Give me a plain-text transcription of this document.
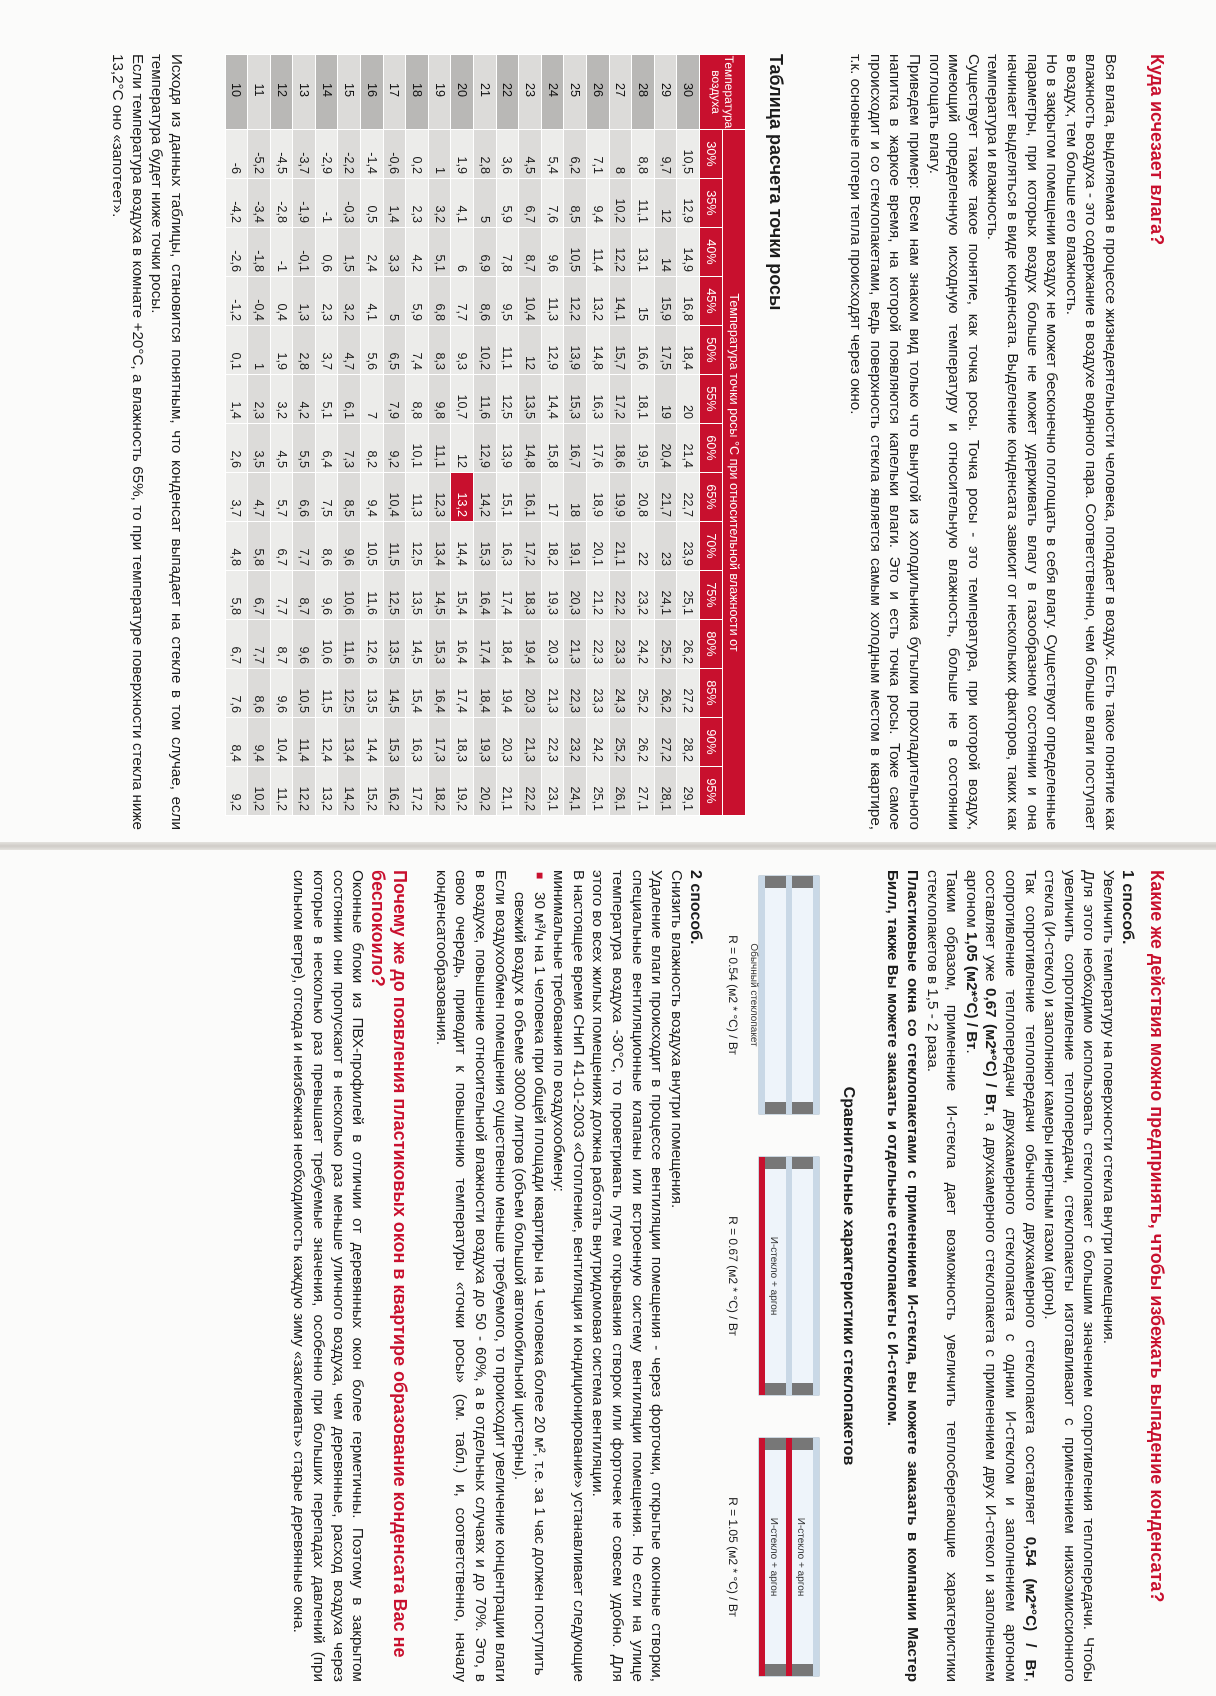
Куда исчезает влага?

Вся влага, выделяемая в процессе жизнедеятельности человека, попадает в воздух. Есть такое понятие как влажность воздуха - это содержание в воздухе водяного пара. Соответственно, чем больше влаги поступает в воздух, тем больше его влажность.

Но в закрытом помещении воздух не может бесконечно поглощать в себя влагу. Существуют определенные параметры, при которых воздух больше не может удерживать влагу в газообразном состоянии и она начинает выделяться в виде конденсата. Выделение конденсата зависит от нескольких факторов, таких как температура и влажность.

Существует также такое понятие, как точка росы. Точка росы - это температура, при которой воздух, имеющий определенную исходную температуру и относительную влажность, больше не в состоянии поглощать влагу.

Приведем пример: Всем нам знаком вид только что вынутой из холодильника бутылки прохладительного напитка в жаркое время, на которой появляются капельки влаги. Это и есть точка росы. Тоже самое происходит и со стеклопакетами, ведь поверхность стекла является самым холодным местом в квартире, т.к. основные потери тепла происходят через окно.

Таблица расчета точки росы
Температура воздуха	Температура точки росы °С при относительной влажности от													
	30%	35%	40%	45%	50%	55%	60%	65%	70%	75%	80%	85%	90%	95%
30	10,5	12,9	14,9	16,8	18,4	20	21,4	22,7	23,9	25,1	26,2	27,2	28,2	29,1
29	9,7	12	14	15,9	17,5	19	20,4	21,7	23	24,1	25,2	26,2	27,2	28,1
28	8,8	11,1	13,1	15	16,6	18,1	19,5	20,8	22	23,2	24,2	25,2	26,2	27,1
27	8	10,2	12,2	14,1	15,7	17,2	18,6	19,9	21,1	22,2	23,3	24,3	25,2	26,1
26	7,1	9,4	11,4	13,2	14,8	16,3	17,6	18,9	20,1	21,2	22,3	23,3	24,2	25,1
25	6,2	8,5	10,5	12,2	13,9	15,3	16,7	18	19,1	20,3	21,3	22,3	23,2	24,1
24	5,4	7,6	9,6	11,3	12,9	14,4	15,8	17	18,2	19,3	20,3	21,3	22,3	23,1
23	4,5	6,7	8,7	10,4	12	13,5	14,8	16,1	17,2	18,3	19,4	20,3	21,3	22,2
22	3,6	5,9	7,8	9,5	11,1	12,5	13,9	15,1	16,3	17,4	18,4	19,4	20,3	21,1
21	2,8	5	6,9	8,6	10,2	11,6	12,9	14,2	15,3	16,4	17,4	18,4	19,3	20,2
20	1,9	4,1	6	7,7	9,3	10,7	12	13,2	14,4	15,4	16,4	17,4	18,3	19,2
19	1	3,2	5,1	6,8	8,3	9,8	11,1	12,3	13,4	14,5	15,3	16,4	17,3	18,2
18	0,2	2,3	4,2	5,9	7,4	8,8	10,1	11,3	12,5	13,5	14,5	15,4	16,3	17,2
17	-0,6	1,4	3,3	5	6,5	7,9	9,2	10,4	11,5	12,5	13,5	14,5	15,3	16,2
16	-1,4	0,5	2,4	4,1	5,6	7	8,2	9,4	10,5	11,6	12,6	13,5	14,4	15,2
15	-2,2	-0,3	1,5	3,2	4,7	6,1	7,3	8,5	9,6	10,6	11,6	12,5	13,4	14,2
14	-2,9	-1	0,6	2,3	3,7	5,1	6,4	7,5	8,6	9,6	10,6	11,5	12,4	13,2
13	-3,7	-1,9	-0,1	1,3	2,8	4,2	5,5	6,6	7,7	8,7	9,6	10,5	11,4	12,2
12	-4,5	-2,8	-1	0,4	1,9	3,2	4,5	5,7	6,7	7,7	8,7	9,6	10,4	11,2
11	-5,2	-3,4	-1,8	-0,4	1	2,3	3,5	4,7	5,8	6,7	7,7	8,6	9,4	10,2
10	-6	-4,2	-2,6	-1,2	0,1	1,4	2,6	3,7	4,8	5,8	6,7	7,6	8,4	9,2

Исходя из данных таблицы, становится понятным, что конденсат выпадает на стекле в том случае, если температура будет ниже точки росы.

Если температура воздуха в комнате +20°С, а влажность 65%, то при температуре поверхности стекла ниже 13,2°С оно «запотеет».

Какие же действия можно предпринять, чтобы избежать выпадение конденсата?

1 способ.

Увеличить температуру на поверхности стекла внутри помещения.

Для этого необходимо использовать стеклопакет с большим значением сопротивления теплопередачи. Чтобы увеличить сопротивление теплопередачи, стеклопакеты изготавливают с применением низкоэмиссионного стекла (И-стекло) и заполняют камеры инертным газом (аргон).

Так сопротивление теплопередачи обычного двухкамерного стеклопакета составляет 0,54 (м2*°С) / Вт, сопротивление теплопередачи двухкамерного стеклопакета с одним И-стеклом и заполнением аргоном составляет уже 0,67 (м2*°С) / Вт, а двухкамерного стеклопакета с применением двух И-стекол и заполнением аргоном 1,05 (м2*°С) / Вт.

Таким образом, применение И-стекла дает возможность увеличить теплосберегающие характеристики стеклопакетов в 1,5 - 2 раза.

Пластиковые окна со стеклопакетами с применением И-стекла, вы можете заказать в компании Мастер Билл, также Вы можете заказать и отдельные стеклопакеты с И-стеклом.

Сравнительные характеристики стеклопакетов

Обычный стеклопакет
R = 0.54 (м2 * °С) / Вт
И-стекло + аргон
R = 0.67 (м2 * °С) / Вт
И-стекло + аргон
И-стекло + аргон
R = 1.05 (м2 * °С) / Вт

2 способ.

Снизить влажность воздуха внутри помещения.

Удаление влаги происходит в процессе вентиляции помещения - через форточки, открытые оконные створки, специальные вентиляционные клапаны или встроенную систему вентиляции помещения. Но если на улице температура воздуха -30°С, то проветривать путем открывания створок или форточек не совсем удобно. Для этого во всех жилых помещениях должна работать внутридомовая система вентиляции.

В настоящее время СНиП 41-01-2003 «Отопление, вентиляция и кондиционирование» устанавливает следующие минимальные требования по воздухообмену:

■ 30 м³/ч на 1 человека при общей площади квартиры на 1 человека более 20 м², т.е. за 1 час должен поступить свежий воздух в объеме 30000 литров (объем большой автомобильной цистерны).

Если воздухообмен помещения существенно меньше требуемого, то происходит увеличение концентрации влаги в воздухе, повышение относительной влажности воздуха до 50 - 60%, а в отдельных случаях и до 70%. Это, в свою очередь, приводит к повышению температуры «точки росы» (см. табл.) и, соответственно, началу конденсатообразования.

Почему же до появления пластиковых окон в квартире образование конденсата Вас не беспокоило?

Оконные блоки из ПВХ-профилей в отличии от деревянных окон более герметичны. Поэтому в закрытом состоянии они пропускают в несколько раз меньше уличного воздуха, чем деревянные, расход воздуха через которые в несколько раз превышает требуемые значения, особенно при больших перепадах давлений (при сильном ветре), отсюда и неизбежная необходимость каждую зиму «заклеивать» старые деревянные окна.
